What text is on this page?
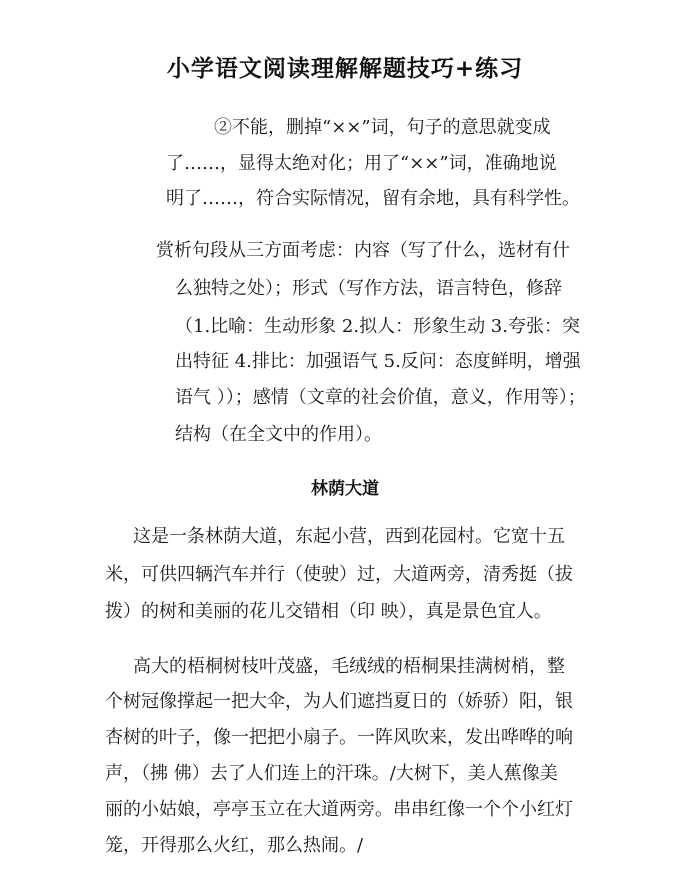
小学语文阅读理解解题技巧+练习
②不能，删掉“××”词，句子的意思就变成
了……，显得太绝对化；用了“××”词，准确地说
明了……，符合实际情况，留有余地，具有科学性。
赏析句段从三方面考虑：内容（写了什么，选材有什
么独特之处）；形式（写作方法，语言特色，修辞
（1.比喻：生动形象 2.拟人：形象生动 3.夸张：突
出特征 4.排比：加强语气 5.反问：态度鲜明，增强
语气 ））；感情（文章的社会价值，意义，作用等）；
结构（在全文中的作用）。
林荫大道
这是一条林荫大道，东起小营，西到花园村。它宽十五
米，可供四辆汽车并行（使驶）过，大道两旁，清秀挺（拔
拨）的树和美丽的花儿交错相（印 映），真是景色宜人。
高大的梧桐树枝叶茂盛，毛绒绒的梧桐果挂满树梢，整
个树冠像撑起一把大伞，为人们遮挡夏日的（娇骄）阳，银
杏树的叶子，像一把把小扇子。一阵风吹来，发出哗哗的响
声，（拂 佛）去了人们连上的汗珠。/大树下，美人蕉像美
丽的小姑娘，亭亭玉立在大道两旁。串串红像一个个小红灯
笼，开得那么火红，那么热闹。/
